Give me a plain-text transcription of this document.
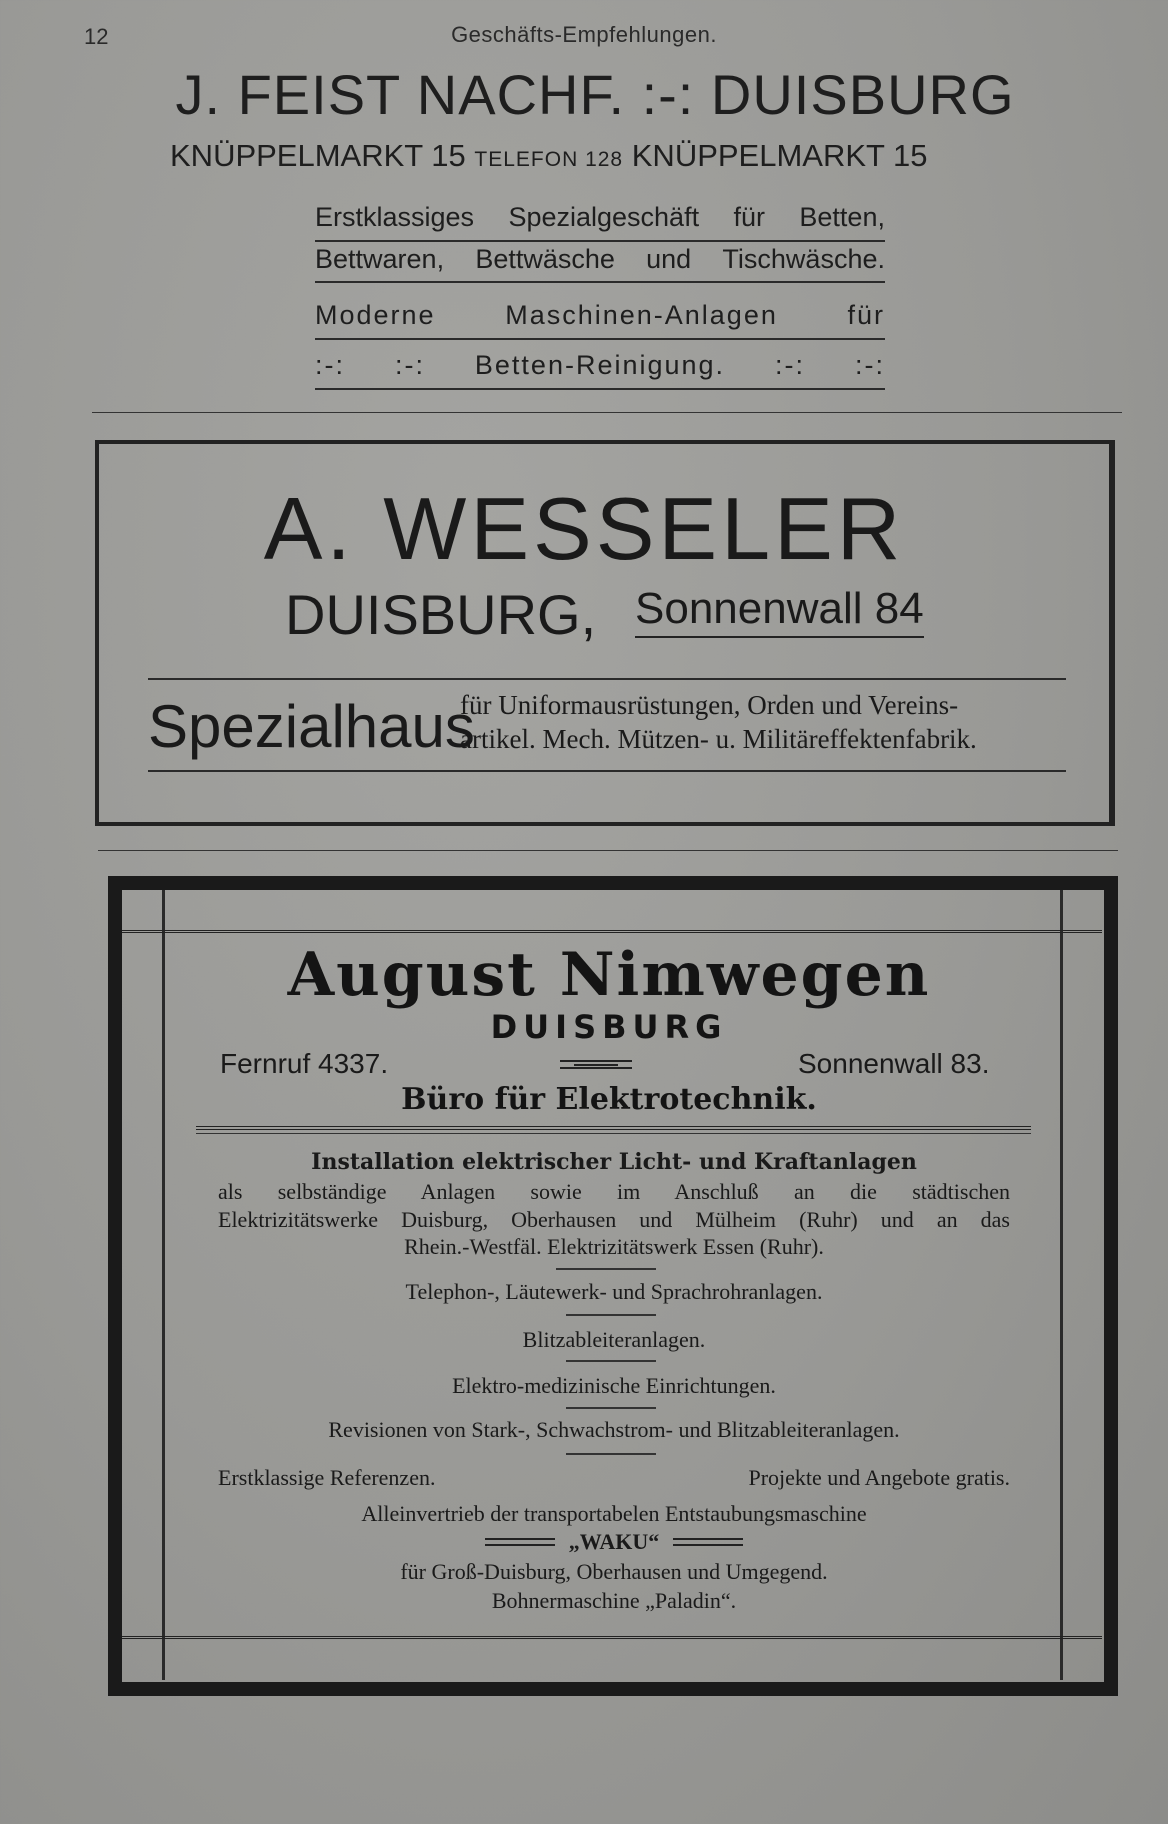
12	Geschäfts-Empfehlungen.
J. FEIST NACHF. :-: DUISBURG
KNÜPPELMARKT 15 TELEFON 128 KNÜPPELMARKT 15
Erstklassiges Spezialgeschäft für Betten,
Bettwaren, Bettwäsche und Tischwäsche.
Moderne	Maschinen-Anlagen	für
:-: :-: Betten-Reinigung. :-: :-:
A. WESSELER
DUISBURG, Sonnenwall 84
Spezialhaus
für Uniformausrüstungen, Orden und Vereins-
artikel. Mech. Mützen- u. Militäreffektenfabrik.
August Nimwegen
DUISBURG
Fernruf 4337.	Sonnenwall 83.
Büro für Elektrotechnik.
Installation elektrischer Licht- und Kraftanlagen
als selbständige Anlagen sowie im Anschluß an die städtischen
Elektrizitätswerke Duisburg, Oberhausen und Mülheim (Ruhr) und an das
Rhein.-Westfäl. Elektrizitätswerk Essen (Ruhr).
Telephon-, Läutewerk- und Sprachrohranlagen.
Blitzableiteranlagen.
Elektro-medizinische Einrichtungen.
Revisionen von Stark-, Schwachstrom- und Blitzableiteranlagen.
Erstklassige Referenzen.	Projekte und Angebote gratis.
Alleinvertrieb der transportabelen Entstaubungsmaschine
„WAKU“
für Groß-Duisburg, Oberhausen und Umgegend.
Bohnermaschine „Paladin“.
